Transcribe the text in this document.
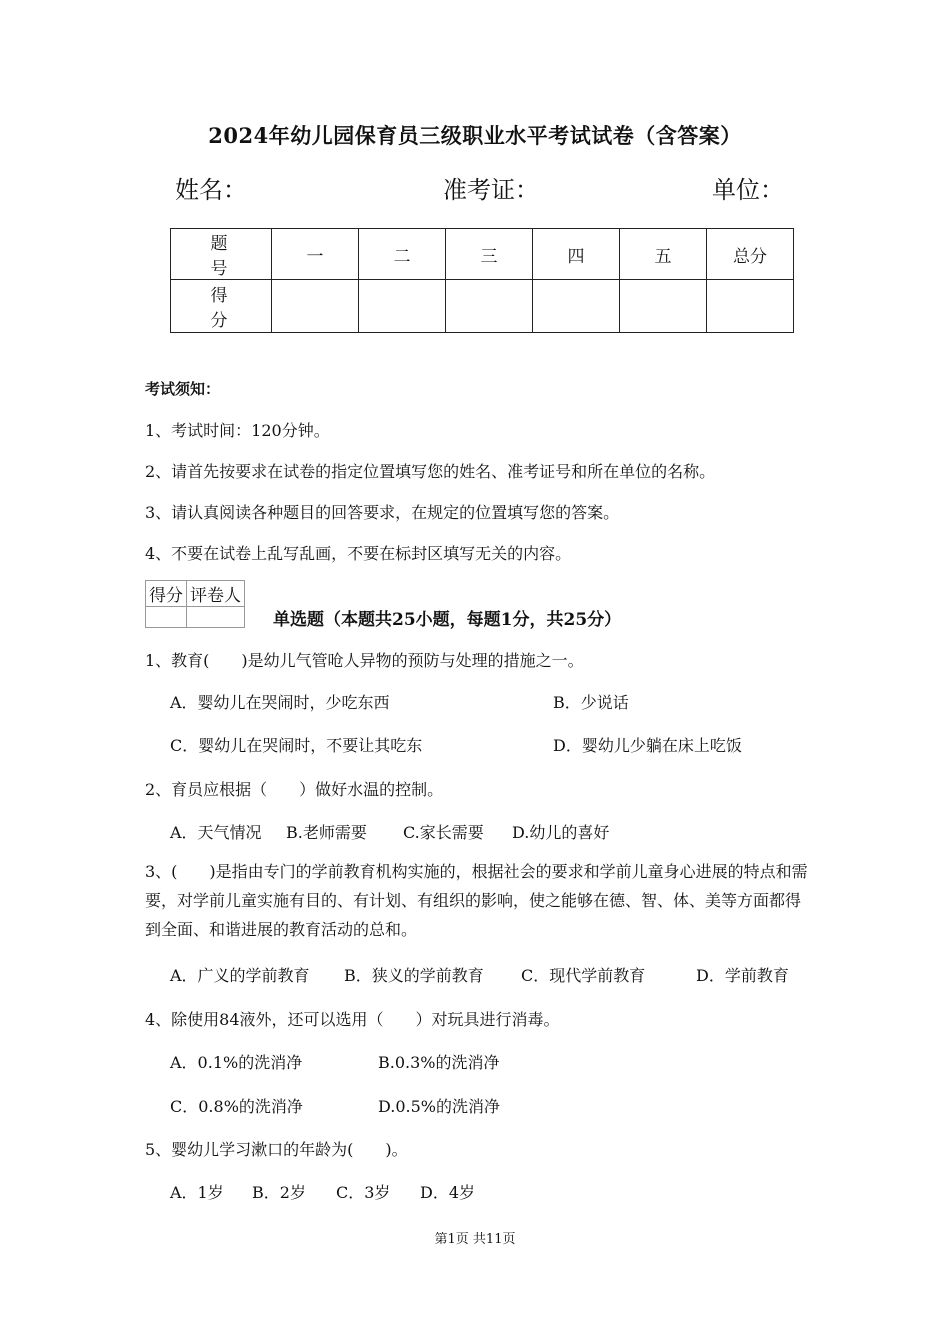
2024年幼儿园保育员三级职业水平考试试卷（含答案）
姓名：	准考证：	单位：
题　号	一	二	三	四	五	总分
得　分						
考试须知：
1、考试时间：120分钟。
2、请首先按要求在试卷的指定位置填写您的姓名、准考证号和所在单位的名称。
3、请认真阅读各种题目的回答要求，在规定的位置填写您的答案。
4、不要在试卷上乱写乱画，不要在标封区填写无关的内容。
得分	评卷人

单选题（本题共25小题，每题1分，共25分）
1、教育(　　)是幼儿气管呛人异物的预防与处理的措施之一。
A．婴幼儿在哭闹时，少吃东西	B．少说话
C．婴幼儿在哭闹时，不要让其吃东	D．婴幼儿少躺在床上吃饭
2、育员应根据（　　）做好水温的控制。
A．天气情况 B.老师需要 C.家长需要 D.幼儿的喜好
3、(　　)是指由专门的学前教育机构实施的，根据社会的要求和学前儿童身心进展的特点和需要，对学前儿童实施有目的、有计划、有组织的影响，使之能够在德、智、体、美等方面都得到全面、和谐进展的教育活动的总和。
A．广义的学前教育 B．狭义的学前教育 C．现代学前教育	D．学前教育
4、除使用84液外，还可以选用（　　）对玩具进行消毒。
A．0.1%的洗消净	B.0.3%的洗消净
C．0.8%的洗消净	D.0.5%的洗消净
5、婴幼儿学习漱口的年龄为(　　)。
A．1岁 B．2岁 C．3岁 D．4岁
第1页 共11页
